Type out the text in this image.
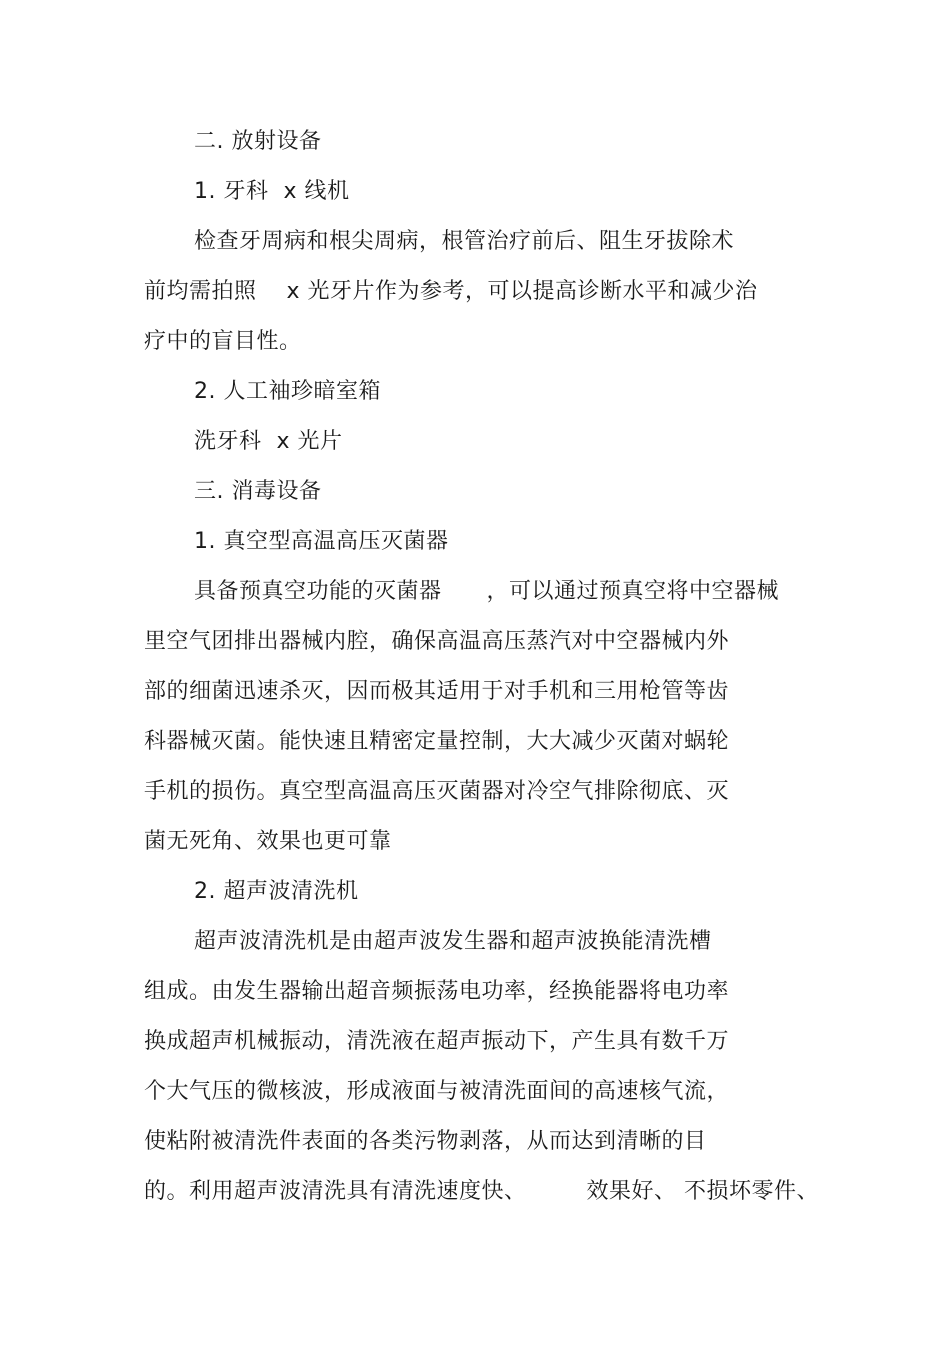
二. 放射设备
1. 牙科  x 线机
检查牙周病和根尖周病，根管治疗前后、阻生牙拔除术
前均需拍照    x 光牙片作为参考，可以提高诊断水平和减少治
疗中的盲目性。
2. 人工袖珍暗室箱
洗牙科  x 光片
三. 消毒设备
1. 真空型高温高压灭菌器
具备预真空功能的灭菌器      ，可以通过预真空将中空器械
里空气团排出器械内腔，确保高温高压蒸汽对中空器械内外
部的细菌迅速杀灭，因而极其适用于对手机和三用枪管等齿
科器械灭菌。能快速且精密定量控制，大大减少灭菌对蜗轮
手机的损伤。真空型高温高压灭菌器对冷空气排除彻底、灭
菌无死角、效果也更可靠
2. 超声波清洗机
超声波清洗机是由超声波发生器和超声波换能清洗槽
组成。由发生器输出超音频振荡电功率，经换能器将电功率
换成超声机械振动，清洗液在超声振动下，产生具有数千万
个大气压的微核波，形成液面与被清洗面间的高速核气流，
使粘附被清洗件表面的各类污物剥落，从而达到清晰的目
的。利用超声波清洗具有清洗速度快、        效果好、 不损坏零件、
